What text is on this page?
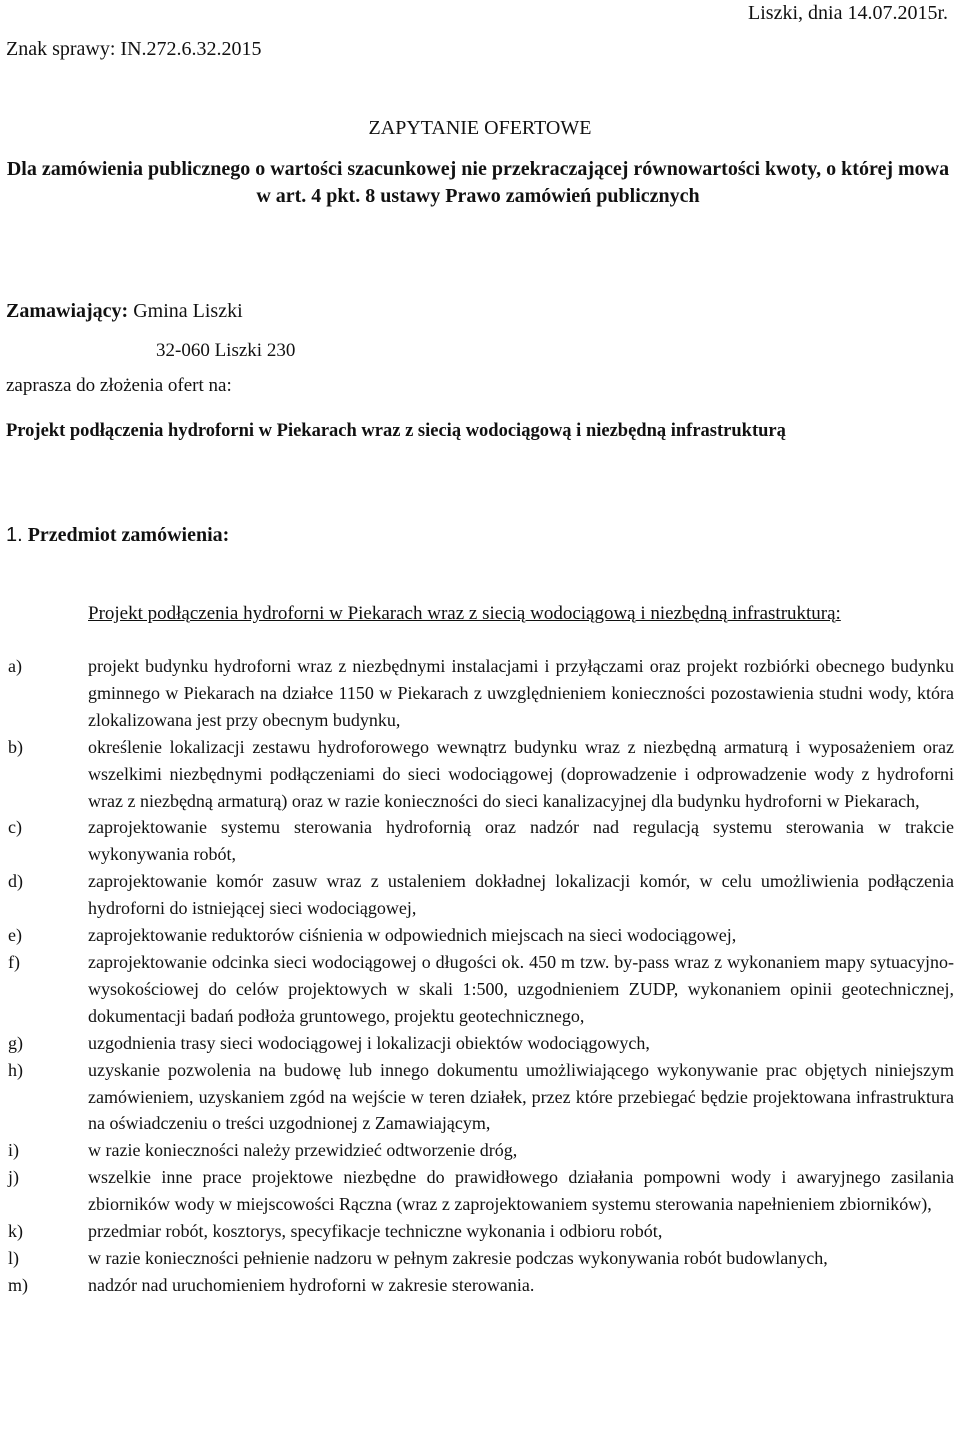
Znak sprawy: IN.272.6.32.2015
Liszki, dnia 14.07.2015r.
ZAPYTANIE OFERTOWE
Dla zamówienia publicznego o wartości szacunkowej nie przekraczającej równowartości kwoty, o której mowa w art. 4 pkt. 8 ustawy Prawo zamówień publicznych
Zamawiający: Gmina Liszki
32-060 Liszki 230
zaprasza do złożenia ofert na:
Projekt podłączenia hydroforni w Piekarach wraz z siecią wodociągową i niezbędną infrastrukturą
1. Przedmiot zamówienia:
Projekt podłączenia hydroforni w Piekarach wraz z siecią wodociągową i niezbędną infrastrukturą:
a)	projekt budynku hydroforni wraz z niezbędnymi instalacjami i przyłączami oraz projekt rozbiórki obecnego budynku gminnego w Piekarach na działce 1150 w Piekarach z uwzględnieniem konieczności pozostawienia studni wody, która zlokalizowana jest przy obecnym budynku,
b)	określenie lokalizacji zestawu hydroforowego wewnątrz budynku wraz z niezbędną armaturą i wyposażeniem oraz wszelkimi niezbędnymi podłączeniami do sieci wodociągowej (doprowadzenie i odprowadzenie wody z hydroforni wraz z niezbędną armaturą) oraz w razie konieczności do sieci kanalizacyjnej dla budynku hydroforni w Piekarach,
c)	zaprojektowanie systemu sterowania hydrofornią oraz nadzór nad regulacją systemu sterowania w trakcie wykonywania robót,
d)	zaprojektowanie komór zasuw wraz z ustaleniem dokładnej lokalizacji komór, w celu umożliwienia podłączenia hydroforni do istniejącej sieci wodociągowej,
e)	zaprojektowanie reduktorów ciśnienia w odpowiednich miejscach na sieci wodociągowej,
f)	zaprojektowanie odcinka sieci wodociągowej o długości ok. 450 m tzw. by-pass wraz z wykonaniem mapy sytuacyjno-wysokościowej do celów projektowych w skali 1:500, uzgodnieniem ZUDP, wykonaniem opinii geotechnicznej, dokumentacji badań podłoża gruntowego, projektu geotechnicznego,
g)	uzgodnienia trasy sieci wodociągowej i lokalizacji obiektów wodociągowych,
h)	uzyskanie pozwolenia na budowę lub innego dokumentu umożliwiającego wykonywanie prac objętych niniejszym zamówieniem, uzyskaniem zgód na wejście w teren działek, przez które przebiegać będzie projektowana infrastruktura na oświadczeniu o treści uzgodnionej z Zamawiającym,
i)	w razie konieczności należy przewidzieć odtworzenie dróg,
j)	wszelkie inne prace projektowe niezbędne do prawidłowego działania pompowni wody i awaryjnego zasilania zbiorników wody w miejscowości Rączna (wraz z zaprojektowaniem systemu sterowania napełnieniem zbiorników),
k)	przedmiar robót, kosztorys, specyfikacje techniczne wykonania i odbioru robót,
l)	w razie konieczności pełnienie nadzoru w pełnym zakresie podczas wykonywania robót budowlanych,
m)	nadzór nad uruchomieniem hydroforni w zakresie sterowania.
